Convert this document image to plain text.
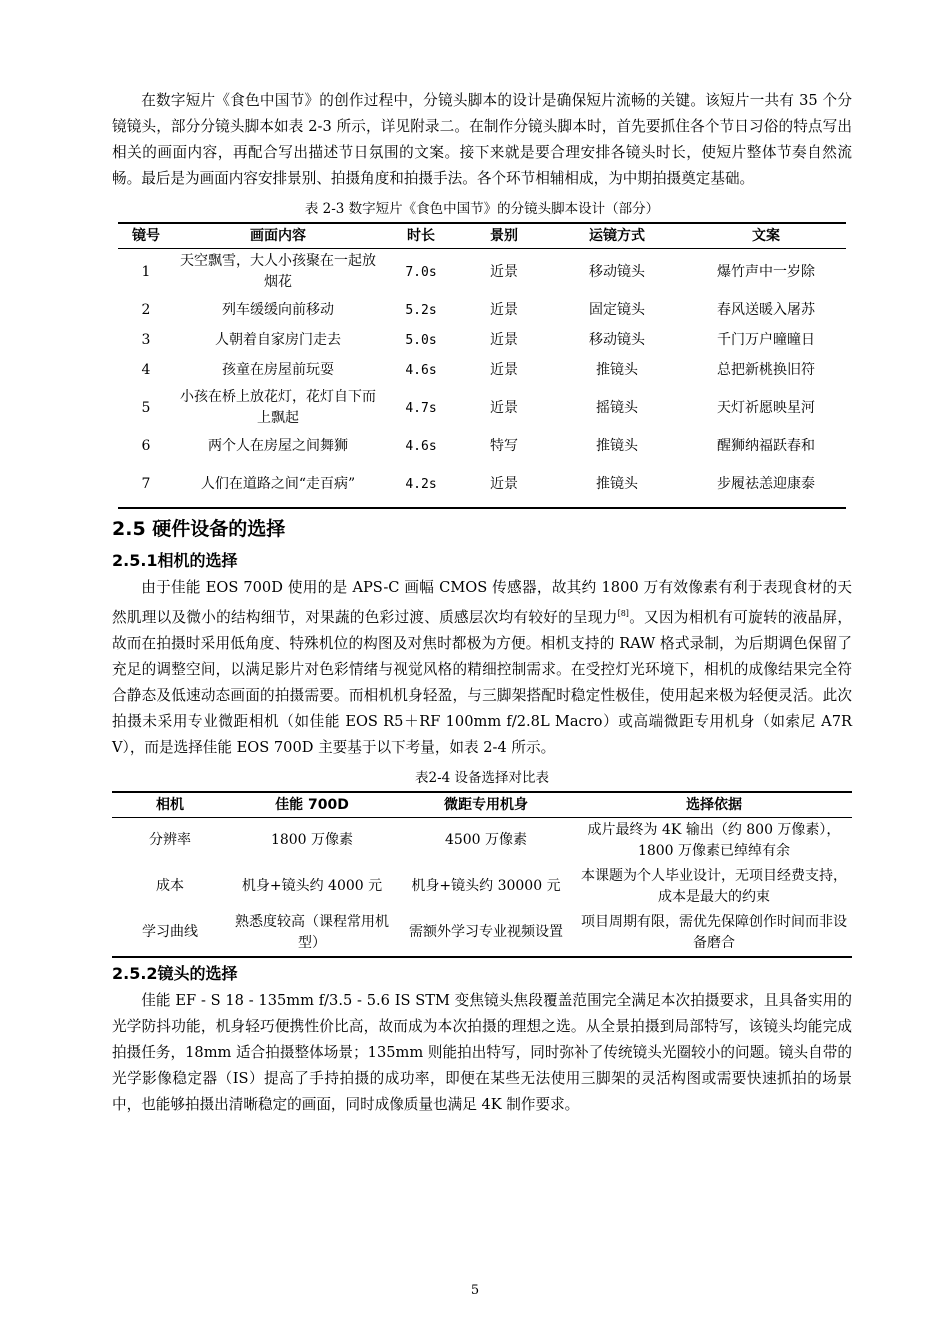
在数字短片《食色中国节》的创作过程中，分镜头脚本的设计是确保短片流畅的关键。该短片一共有 35 个分镜镜头，部分分镜头脚本如表 2-3 所示，详见附录二。在制作分镜头脚本时，首先要抓住各个节日习俗的特点写出相关的画面内容，再配合写出描述节日氛围的文案。接下来就是要合理安排各镜头时长，使短片整体节奏自然流畅。最后是为画面内容安排景别、拍摄角度和拍摄手法。各个环节相辅相成，为中期拍摄奠定基础。

表 2-3 数字短片《食色中国节》的分镜头脚本设计（部分）
镜号	画面内容	时长	景别	运镜方式	文案
1	天空飘雪，大人小孩聚在一起放烟花	7.0s	近景	移动镜头	爆竹声中一岁除
2	列车缓缓向前移动	5.2s	近景	固定镜头	春风送暖入屠苏
3	人朝着自家房门走去	5.0s	近景	移动镜头	千门万户曈曈日
4	孩童在房屋前玩耍	4.6s	近景	推镜头	总把新桃换旧符
5	小孩在桥上放花灯，花灯自下而上飘起	4.7s	近景	摇镜头	天灯祈愿映星河
6	两个人在房屋之间舞狮	4.6s	特写	推镜头	醒狮纳福跃春和
7	人们在道路之间“走百病”	4.2s	近景	推镜头	步履祛恙迎康泰
2.5 硬件设备的选择
2.5.1相机的选择

由于佳能 EOS 700D 使用的是 APS-C 画幅 CMOS 传感器，故其约 1800 万有效像素有利于表现食材的天然肌理以及微小的结构细节，对果蔬的色彩过渡、质感层次均有较好的呈现力[8]。又因为相机有可旋转的液晶屏，故而在拍摄时采用低角度、特殊机位的构图及对焦时都极为方便。相机支持的 RAW 格式录制，为后期调色保留了充足的调整空间，以满足影片对色彩情绪与视觉风格的精细控制需求。在受控灯光环境下，相机的成像结果完全符合静态及低速动态画面的拍摄需要。而相机机身轻盈，与三脚架搭配时稳定性极佳，使用起来极为轻便灵活。此次拍摄未采用专业微距相机（如佳能 EOS R5＋RF 100mm f/2.8L Macro）或高端微距专用机身（如索尼 A7R V），而是选择佳能 EOS 700D 主要基于以下考量，如表 2-4 所示。

表2-4 设备选择对比表
相机	佳能 700D	微距专用机身	选择依据
分辨率	1800 万像素	4500 万像素	成片最终为 4K 输出（约 800 万像素），1800 万像素已绰绰有余
成本	机身+镜头约 4000 元	机身+镜头约 30000 元	本课题为个人毕业设计，无项目经费支持，成本是最大的约束
学习曲线	熟悉度较高（课程常用机型）	需额外学习专业视频设置	项目周期有限，需优先保障创作时间而非设备磨合
2.5.2镜头的选择

佳能 EF - S 18 - 135mm f/3.5 - 5.6 IS STM 变焦镜头焦段覆盖范围完全满足本次拍摄要求，且具备实用的光学防抖功能，机身轻巧便携性价比高，故而成为本次拍摄的理想之选。从全景拍摄到局部特写，该镜头均能完成拍摄任务，18mm 适合拍摄整体场景；135mm 则能拍出特写，同时弥补了传统镜头光圈较小的问题。镜头自带的光学影像稳定器（IS）提高了手持拍摄的成功率，即便在某些无法使用三脚架的灵活构图或需要快速抓拍的场景中，也能够拍摄出清晰稳定的画面，同时成像质量也满足 4K 制作要求。

5
